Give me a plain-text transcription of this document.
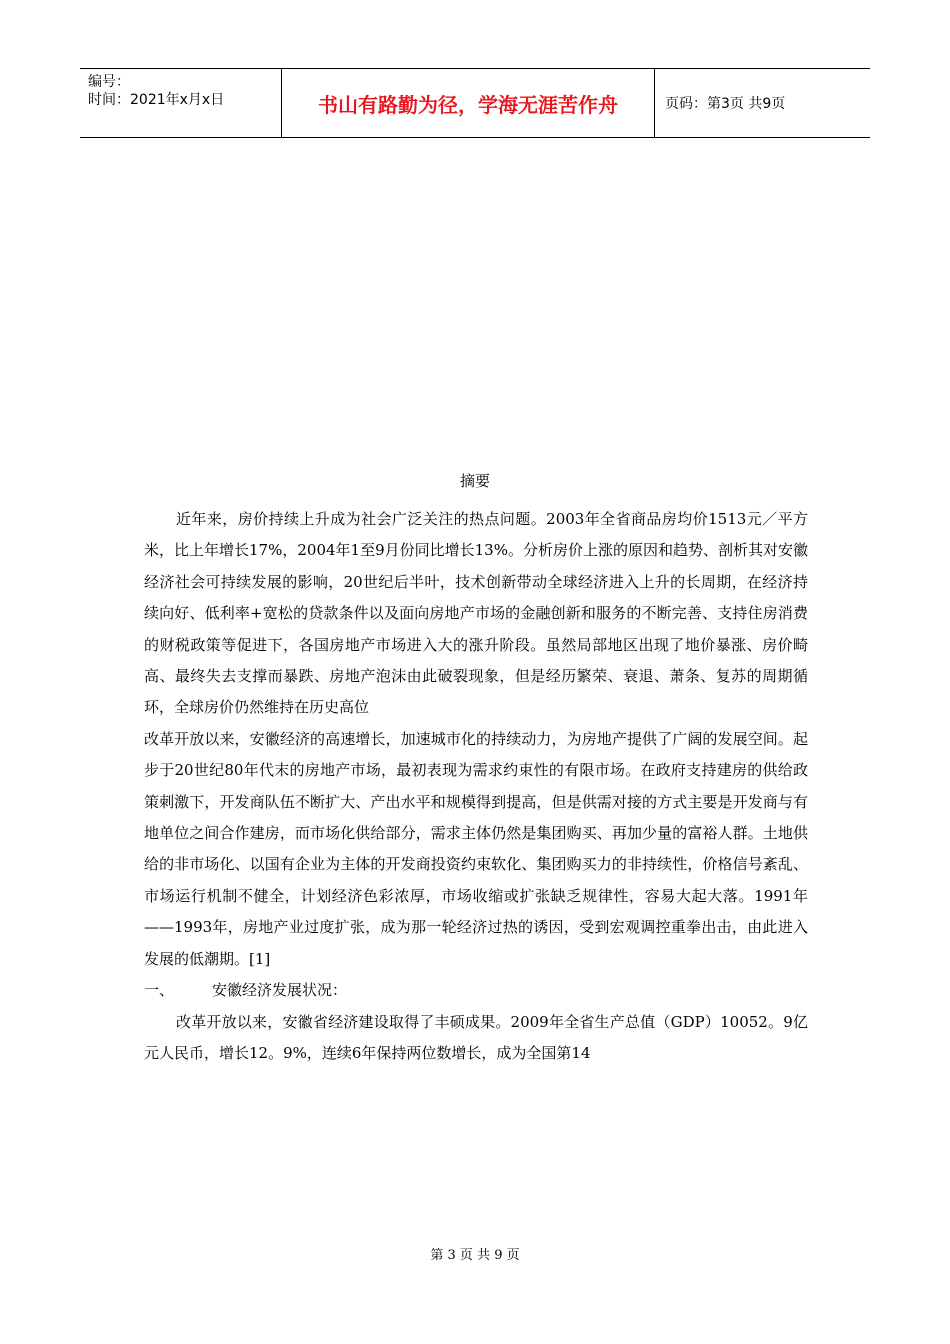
编号：
时间：2021年x月x日	书山有路勤为径，学海无涯苦作舟	页码：第3页 共9页
摘要

近年来，房价持续上升成为社会广泛关注的热点问题。2003年全省商品房均价1513元／平方米，比上年增长17%，2004年1至9月份同比增长13%。分析房价上涨的原因和趋势、剖析其对安徽经济社会可持续发展的影响，20世纪后半叶，技术创新带动全球经济进入上升的长周期，在经济持续向好、低利率+宽松的贷款条件以及面向房地产市场的金融创新和服务的不断完善、支持住房消费的财税政策等促进下，各国房地产市场进入大的涨升阶段。虽然局部地区出现了地价暴涨、房价畸高、最终失去支撑而暴跌、房地产泡沫由此破裂现象，但是经历繁荣、衰退、萧条、复苏的周期循环，全球房价仍然维持在历史高位

改革开放以来，安徽经济的高速增长，加速城市化的持续动力，为房地产提供了广阔的发展空间。起步于20世纪80年代末的房地产市场，最初表现为需求约束性的有限市场。在政府支持建房的供给政策刺激下，开发商队伍不断扩大、产出水平和规模得到提高，但是供需对接的方式主要是开发商与有地单位之间合作建房，而市场化供给部分，需求主体仍然是集团购买、再加少量的富裕人群。土地供给的非市场化、以国有企业为主体的开发商投资约束软化、集团购买力的非持续性，价格信号紊乱、市场运行机制不健全，计划经济色彩浓厚，市场收缩或扩张缺乏规律性，容易大起大落。1991年——1993年，房地产业过度扩张，成为那一轮经济过热的诱因，受到宏观调控重拳出击，由此进入发展的低潮期。[1]

一、	安徽经济发展状况：

改革开放以来，安徽省经济建设取得了丰硕成果。2009年全省生产总值（GDP）10052。9亿元人民币，增长12。9%，连续6年保持两位数增长，成为全国第14

第 3 页 共 9 页
